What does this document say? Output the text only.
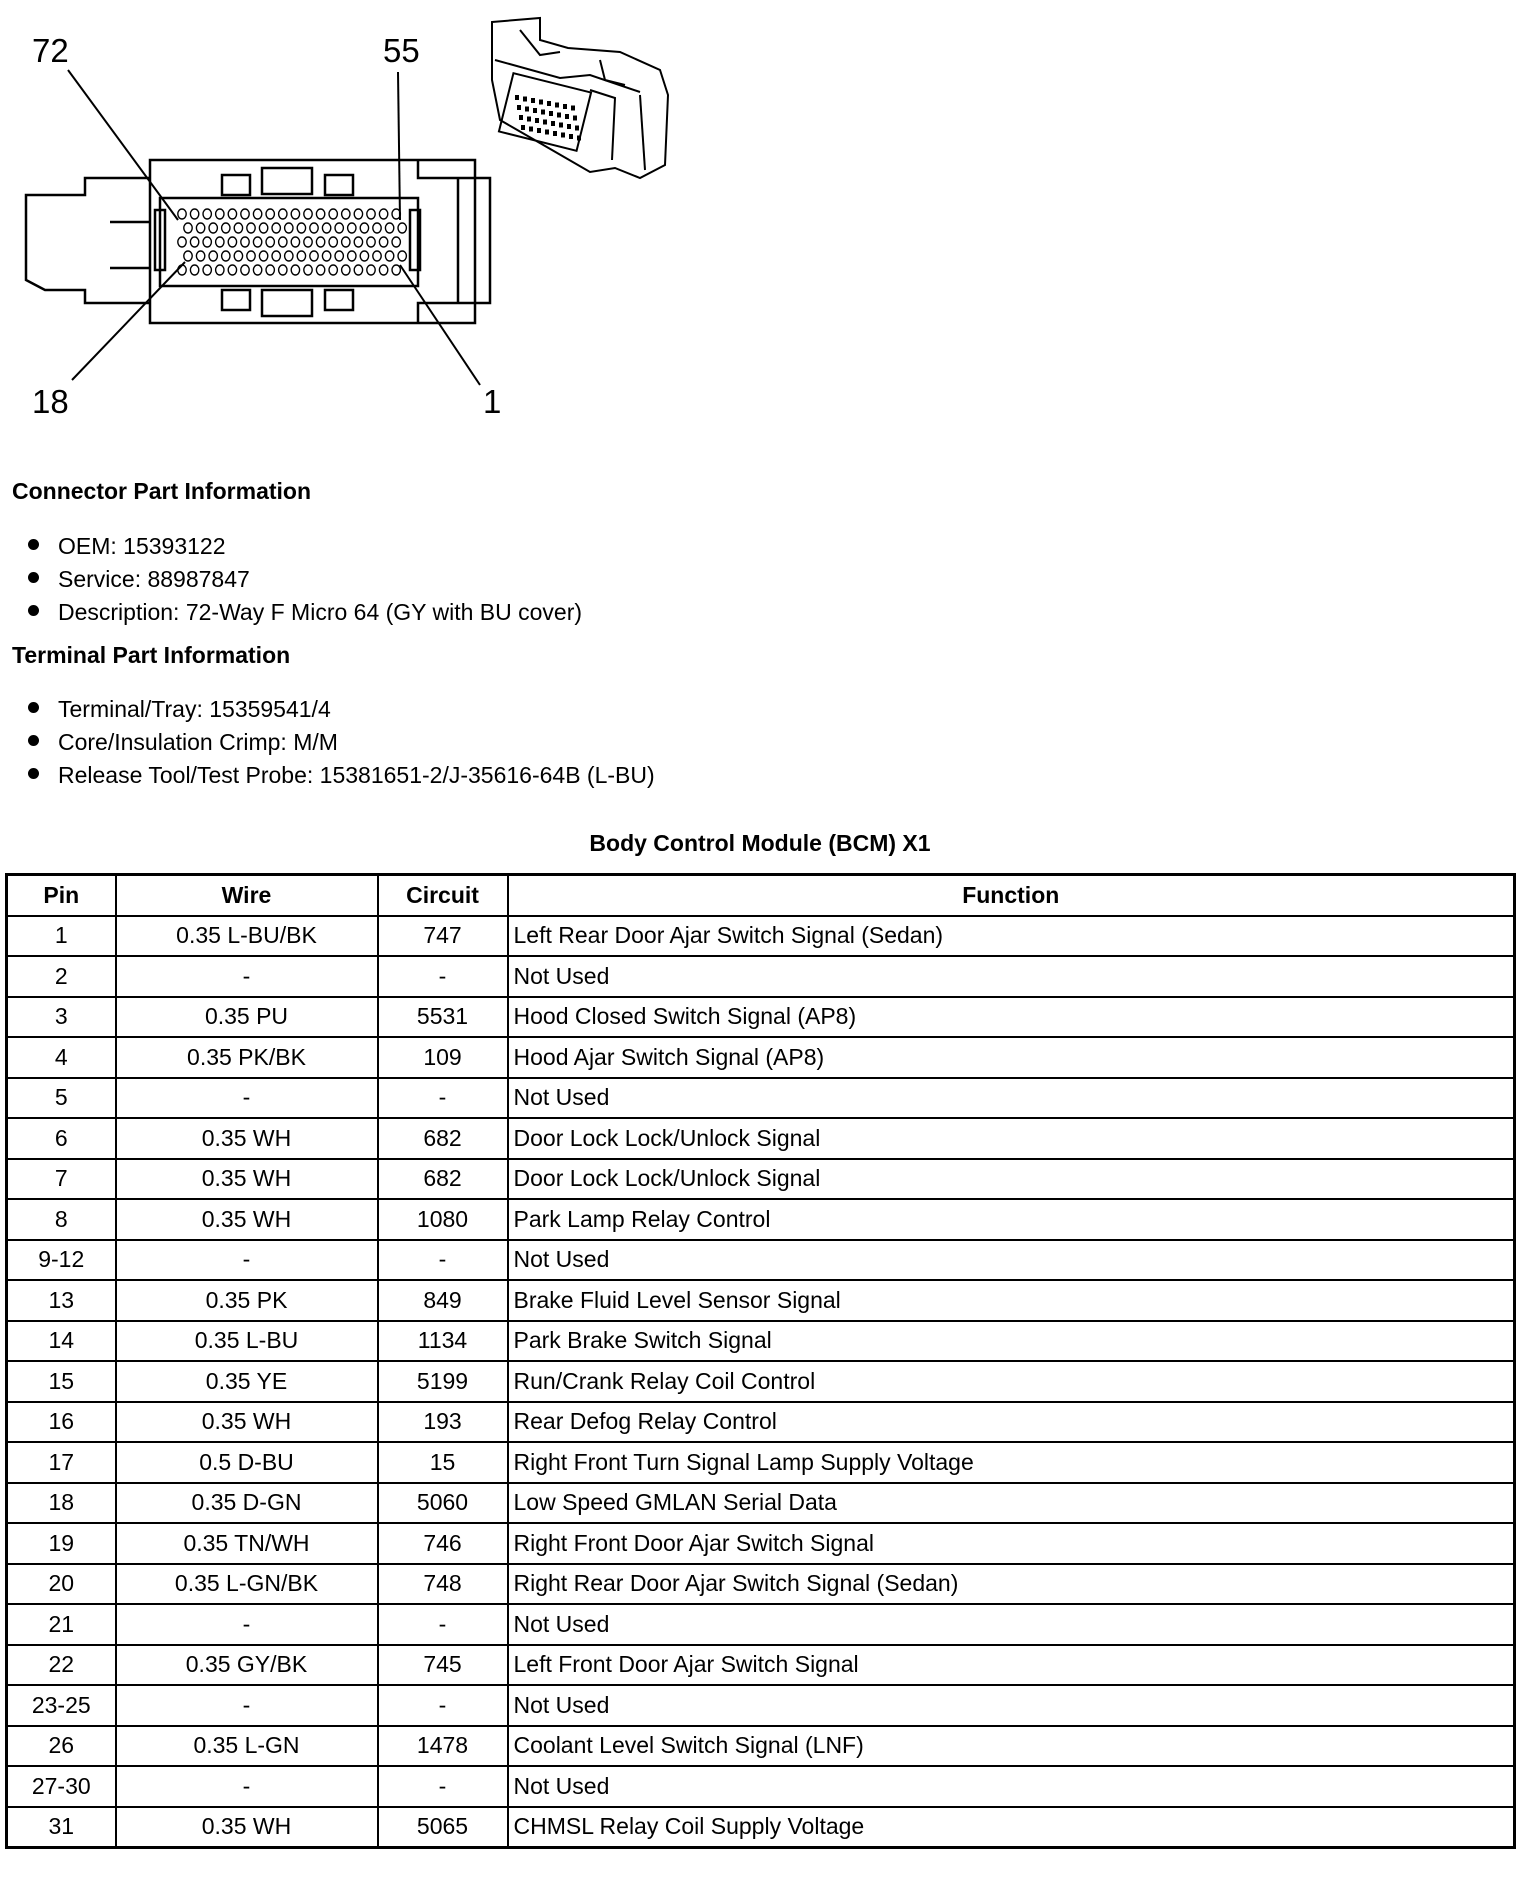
72	55
18	1
Connector Part Information
OEM: 15393122
Service: 88987847
Description: 72-Way F Micro 64 (GY with BU cover)
Terminal Part Information
Terminal/Tray: 15359541/4
Core/Insulation Crimp: M/M
Release Tool/Test Probe: 15381651-2/J-35616-64B (L-BU)
Body Control Module (BCM) X1
Pin	Wire	Circuit	Function
1	0.35 L-BU/BK	747	Left Rear Door Ajar Switch Signal (Sedan)
2	-	-	Not Used
3	0.35 PU	5531	Hood Closed Switch Signal (AP8)
4	0.35 PK/BK	109	Hood Ajar Switch Signal (AP8)
5	-	-	Not Used
6	0.35 WH	682	Door Lock Lock/Unlock Signal
7	0.35 WH	682	Door Lock Lock/Unlock Signal
8	0.35 WH	1080	Park Lamp Relay Control
9-12	-	-	Not Used
13	0.35 PK	849	Brake Fluid Level Sensor Signal
14	0.35 L-BU	1134	Park Brake Switch Signal
15	0.35 YE	5199	Run/Crank Relay Coil Control
16	0.35 WH	193	Rear Defog Relay Control
17	0.5 D-BU	15	Right Front Turn Signal Lamp Supply Voltage
18	0.35 D-GN	5060	Low Speed GMLAN Serial Data
19	0.35 TN/WH	746	Right Front Door Ajar Switch Signal
20	0.35 L-GN/BK	748	Right Rear Door Ajar Switch Signal (Sedan)
21	-	-	Not Used
22	0.35 GY/BK	745	Left Front Door Ajar Switch Signal
23-25	-	-	Not Used
26	0.35 L-GN	1478	Coolant Level Switch Signal (LNF)
27-30	-	-	Not Used
31	0.35 WH	5065	CHMSL Relay Coil Supply Voltage
